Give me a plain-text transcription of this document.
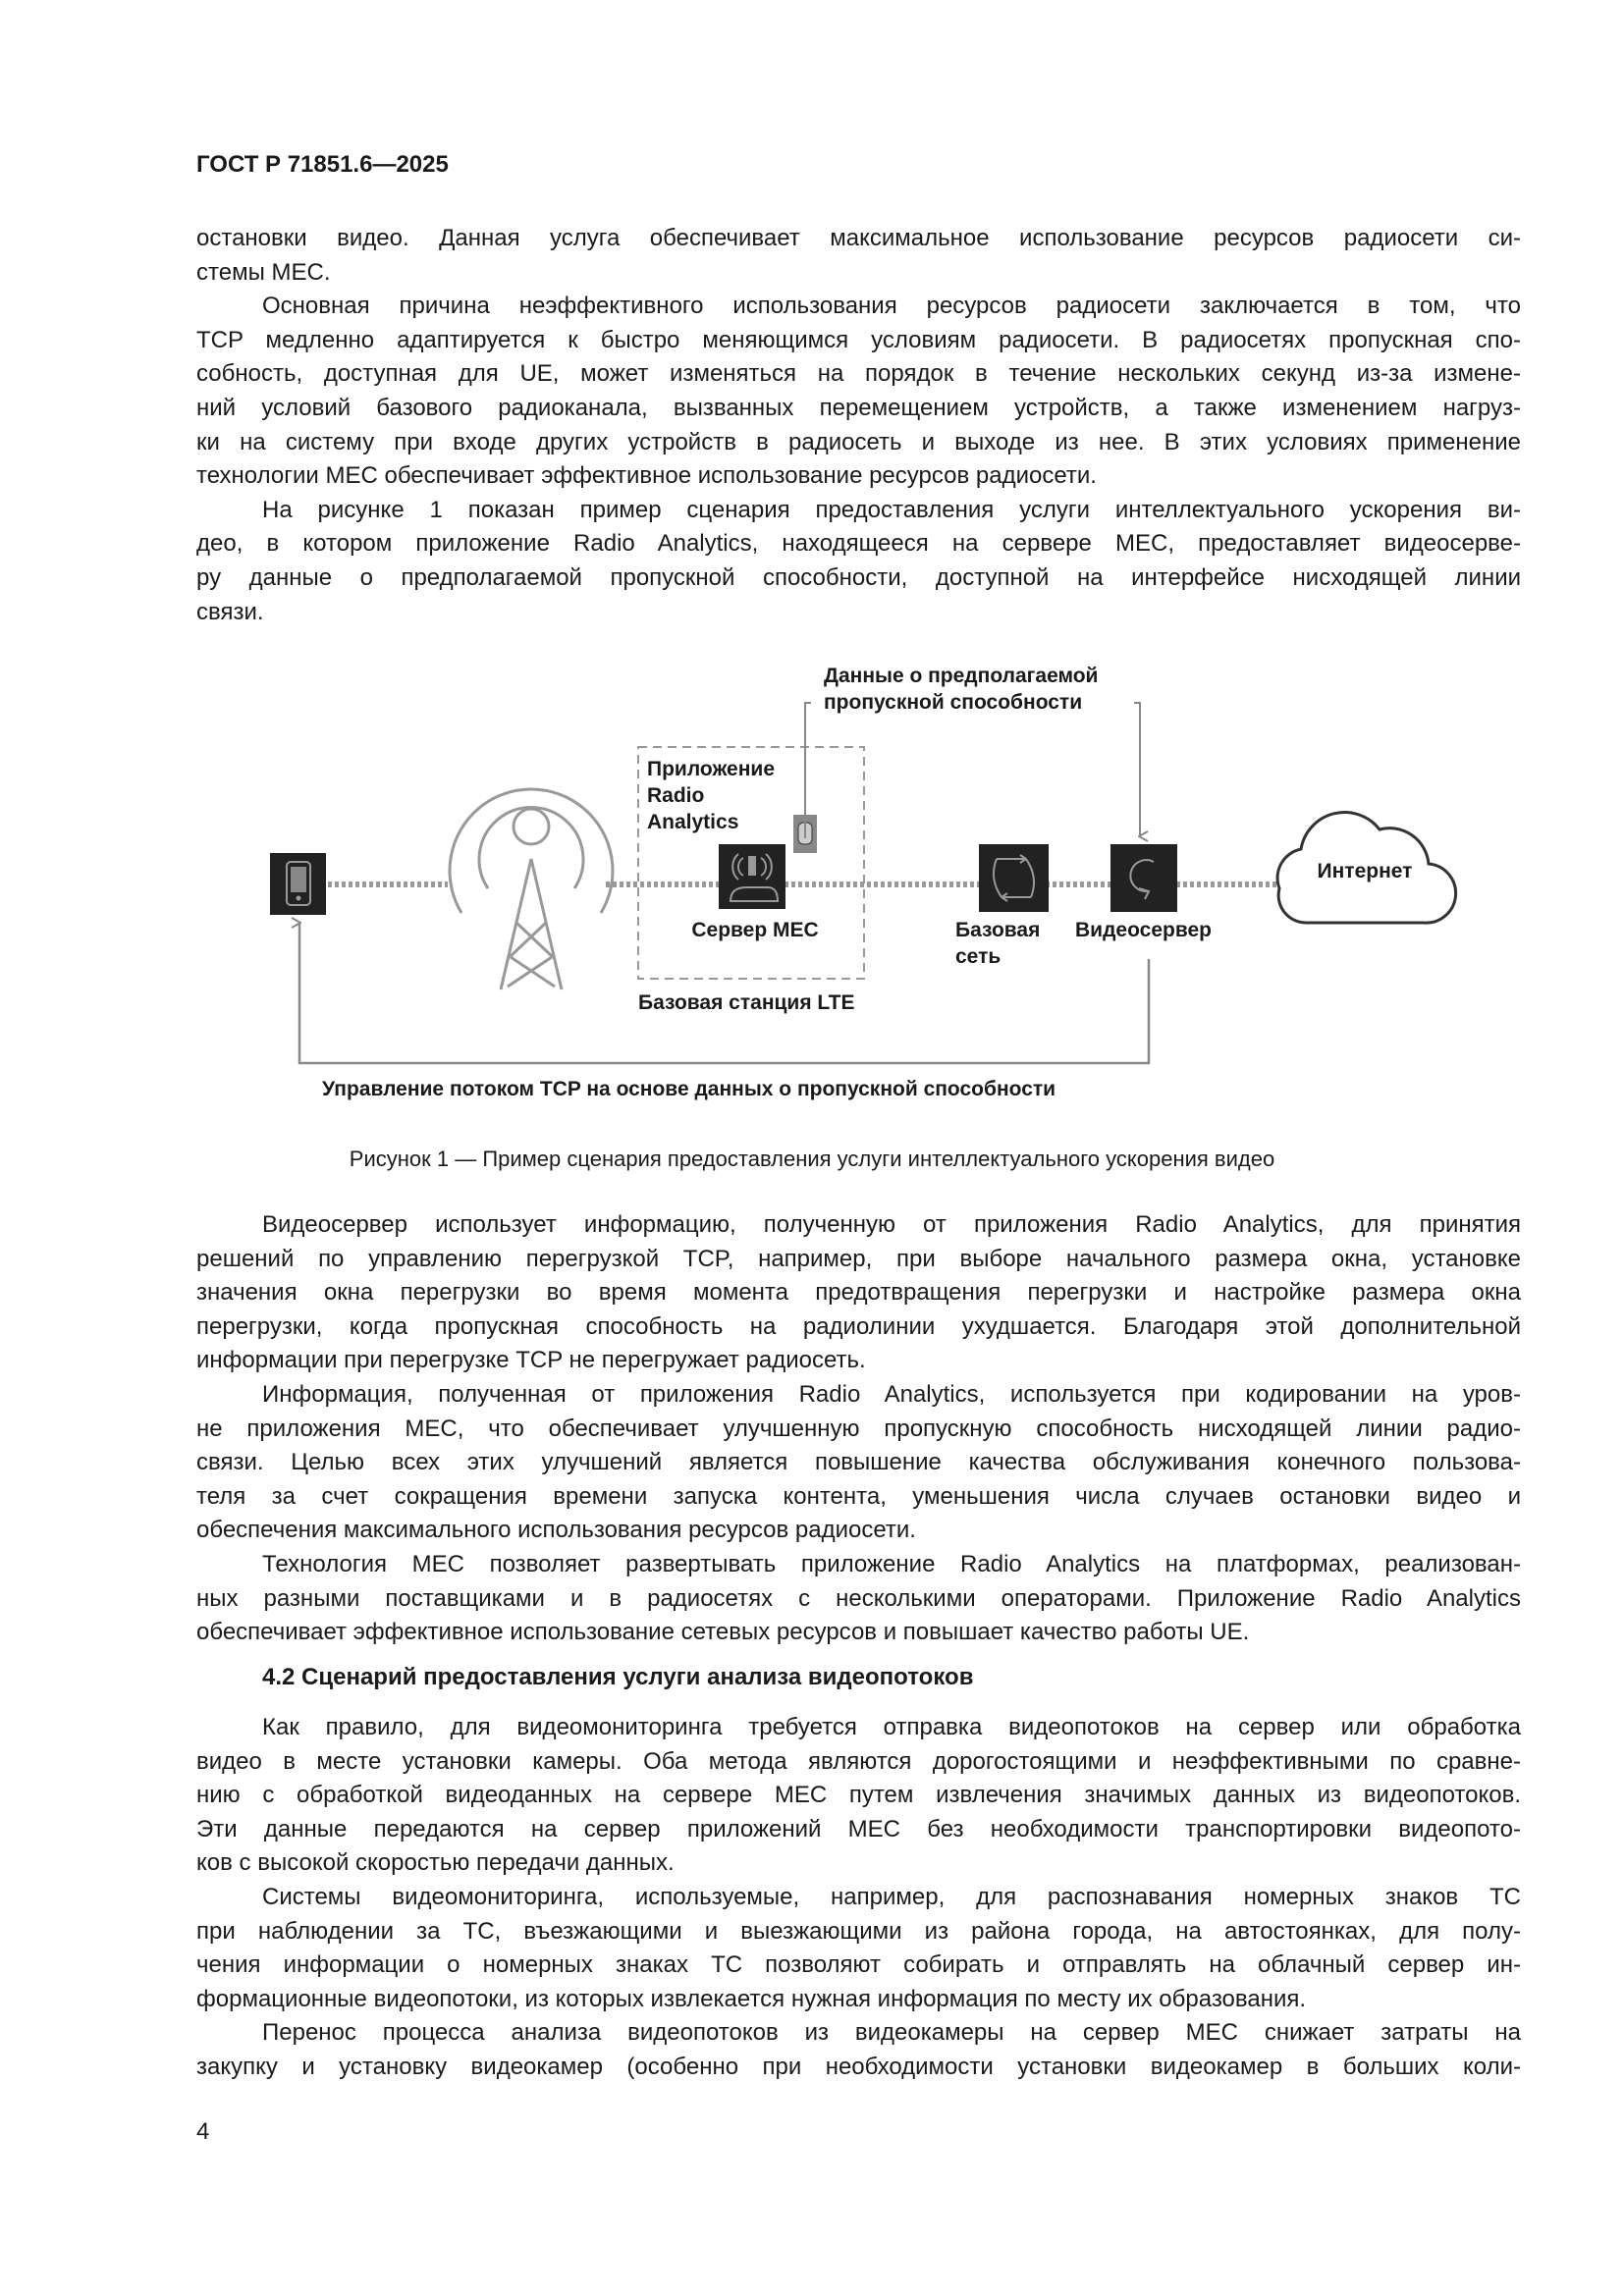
ГОСТ Р 71851.6—2025
остановки видео. Данная услуга обеспечивает максимальное использование ресурсов радиосети си-
стемы МЕС.
Основная причина неэффективного использования ресурсов радиосети заключается в том, что
TCP медленно адаптируется к быстро меняющимся условиям радиосети. В радиосетях пропускная спо-
собность, доступная для UE, может изменяться на порядок в течение нескольких секунд из-за измене-
ний условий базового радиоканала, вызванных перемещением устройств, а также изменением нагруз-
ки на систему при входе других устройств в радиосеть и выходе из нее. В этих условиях применение
технологии МЕС обеспечивает эффективное использование ресурсов радиосети.
На рисунке 1 показан пример сценария предоставления услуги интеллектуального ускорения ви-
део, в котором приложение Radio Analytics, находящееся на сервере МЕС, предоставляет видеосерве-
ру данные о предполагаемой пропускной способности, доступной на интерфейсе нисходящей линии
связи.
Приложение
Radio
Analytics
Сервер МЕС
Базовая станция LTE
Базовая
сеть
Видеосервер
Интернет
Данные о предполагаемой
пропускной способности
Управление потоком TCP на основе данных о пропускной способности
Рисунок 1 — Пример сценария предоставления услуги интеллектуального ускорения видео
Видеосервер использует информацию, полученную от приложения Radio Analytics, для принятия
решений по управлению перегрузкой TCP, например, при выборе начального размера окна, установке
значения окна перегрузки во время момента предотвращения перегрузки и настройке размера окна
перегрузки, когда пропускная способность на радиолинии ухудшается. Благодаря этой дополнительной
информации при перегрузке TCP не перегружает радиосеть.
Информация, полученная от приложения Radio Analytics, используется при кодировании на уров-
не приложения МЕС, что обеспечивает улучшенную пропускную способность нисходящей линии радио-
связи. Целью всех этих улучшений является повышение качества обслуживания конечного пользова-
теля за счет сокращения времени запуска контента, уменьшения числа случаев остановки видео и
обеспечения максимального использования ресурсов радиосети.
Технология МЕС позволяет развертывать приложение Radio Analytics на платформах, реализован-
ных разными поставщиками и в радиосетях с несколькими операторами. Приложение Radio Analytics
обеспечивает эффективное использование сетевых ресурсов и повышает качество работы UE.
4.2 Сценарий предоставления услуги анализа видеопотоков
Как правило, для видеомониторинга требуется отправка видеопотоков на сервер или обработка
видео в месте установки камеры. Оба метода являются дорогостоящими и неэффективными по сравне-
нию с обработкой видеоданных на сервере МЕС путем извлечения значимых данных из видеопотоков.
Эти данные передаются на сервер приложений МЕС без необходимости транспортировки видеопото-
ков с высокой скоростью передачи данных.
Системы видеомониторинга, используемые, например, для распознавания номерных знаков ТС
при наблюдении за ТС, въезжающими и выезжающими из района города, на автостоянках, для полу-
чения информации о номерных знаках ТС позволяют собирать и отправлять на облачный сервер ин-
формационные видеопотоки, из которых извлекается нужная информация по месту их образования.
Перенос процесса анализа видеопотоков из видеокамеры на сервер МЕС снижает затраты на
закупку и установку видеокамер (особенно при необходимости установки видеокамер в больших коли-
4
